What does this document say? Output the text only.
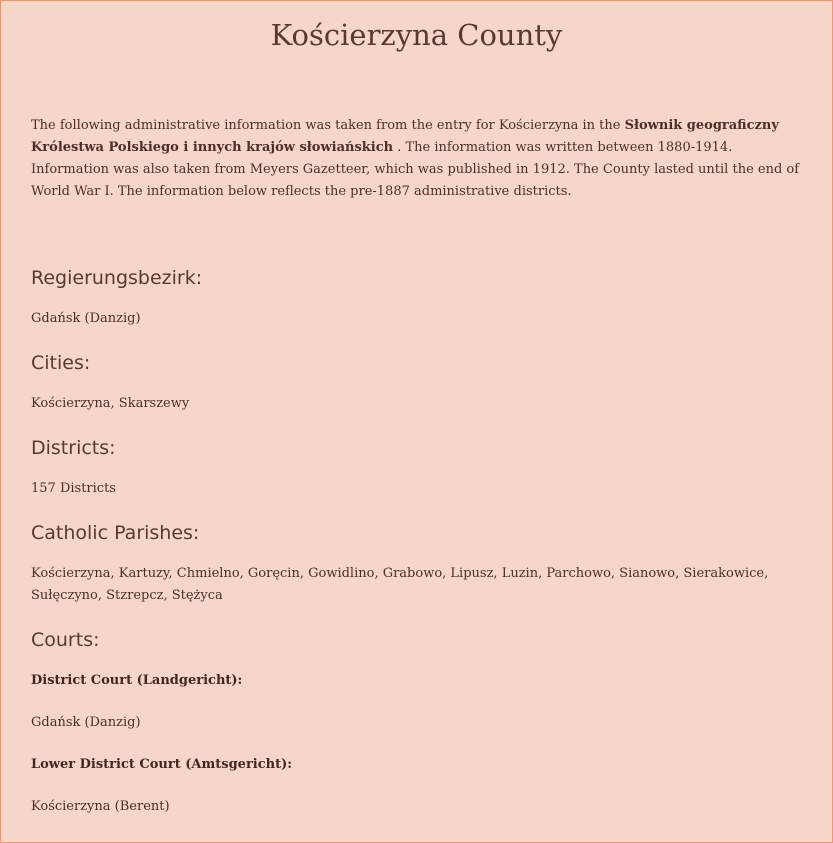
Kościerzyna County

The following administrative information was taken from the entry for Kościerzyna in the Słownik geograficzny Królestwa Polskiego i innych krajów słowiańskich . The information was written between 1880-1914. Information was also taken from Meyers Gazetteer, which was published in 1912. The County lasted until the end of World War I. The information below reflects the pre-1887 administrative districts.

Regierungsbezirk:

Gdańsk (Danzig)

Cities:

Kościerzyna, Skarszewy

Districts:

157 Districts

Catholic Parishes:

Kościerzyna, Kartuzy, Chmielno, Goręcin, Gowidlino, Grabowo, Lipusz, Luzin, Parchowo, Sianowo, Sierakowice, Sułęczyno, Stzrepcz, Stężyca

Courts:

District Court (Landgericht):

Gdańsk (Danzig)

Lower District Court (Amtsgericht):

Kościerzyna (Berent)
